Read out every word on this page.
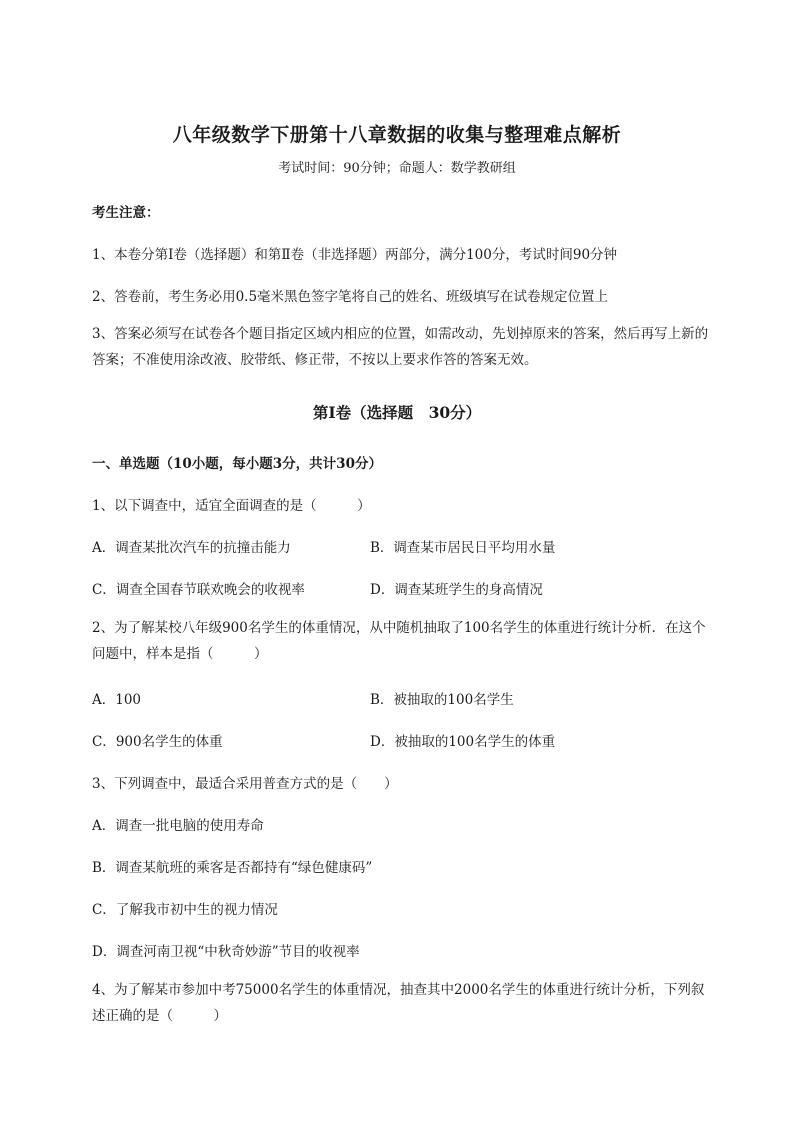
八年级数学下册第十八章数据的收集与整理难点解析
考试时间：90分钟；命题人：数学教研组
考生注意：
1、本卷分第I卷（选择题）和第Ⅱ卷（非选择题）两部分，满分100分，考试时间90分钟
2、答卷前，考生务必用0.5毫米黑色签字笔将自己的姓名、班级填写在试卷规定位置上
3、答案必须写在试卷各个题目指定区域内相应的位置，如需改动，先划掉原来的答案，然后再写上新的答案；不准使用涂改液、胶带纸、修正带，不按以上要求作答的答案无效。
第I卷（选择题　30分）
一、单选题（10小题，每小题3分，共计30分）
1、以下调查中，适宜全面调查的是（　　　）
A．调查某批次汽车的抗撞击能力	B．调查某市居民日平均用水量
C．调查全国春节联欢晚会的收视率	D．调查某班学生的身高情况
2、为了解某校八年级900名学生的体重情况，从中随机抽取了100名学生的体重进行统计分析．在这个问题中，样本是指（　　　）
A．100	B．被抽取的100名学生
C．900名学生的体重	D．被抽取的100名学生的体重
3、下列调查中，最适合采用普查方式的是（　　）
A．调查一批电脑的使用寿命
B．调查某航班的乘客是否都持有“绿色健康码”
C．了解我市初中生的视力情况
D．调查河南卫视“中秋奇妙游”节目的收视率
4、为了解某市参加中考75000名学生的体重情况，抽查其中2000名学生的体重进行统计分析，下列叙述正确的是（　　　）
